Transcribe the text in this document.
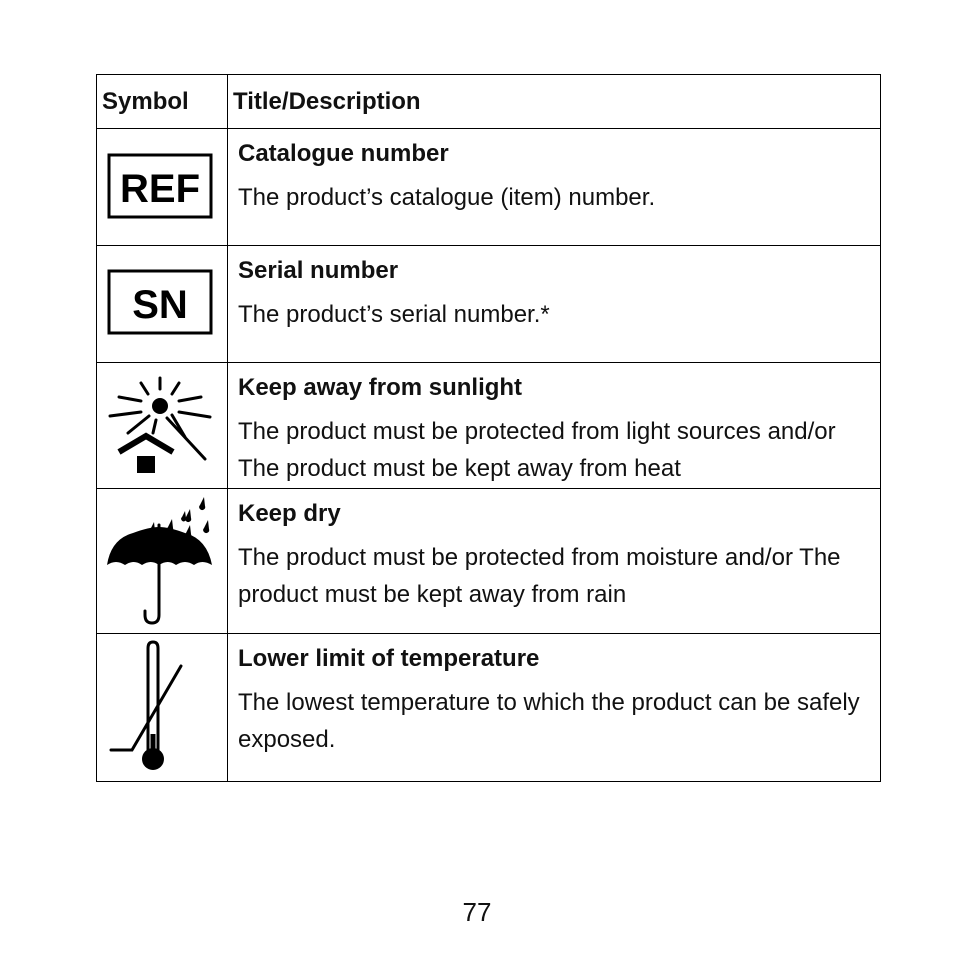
Symbol	Title/Description

REF	Catalogue number

The product’s catalogue (item) number.

SN	Serial number

The product’s serial number.*

Keep away from sunlight

The product must be protected from light sources and/or The product must be kept away from heat

Keep dry

The product must be protected from moisture and/or The product must be kept away from rain

Lower limit of temperature

The lowest temperature to which the product can be safely exposed.

77
